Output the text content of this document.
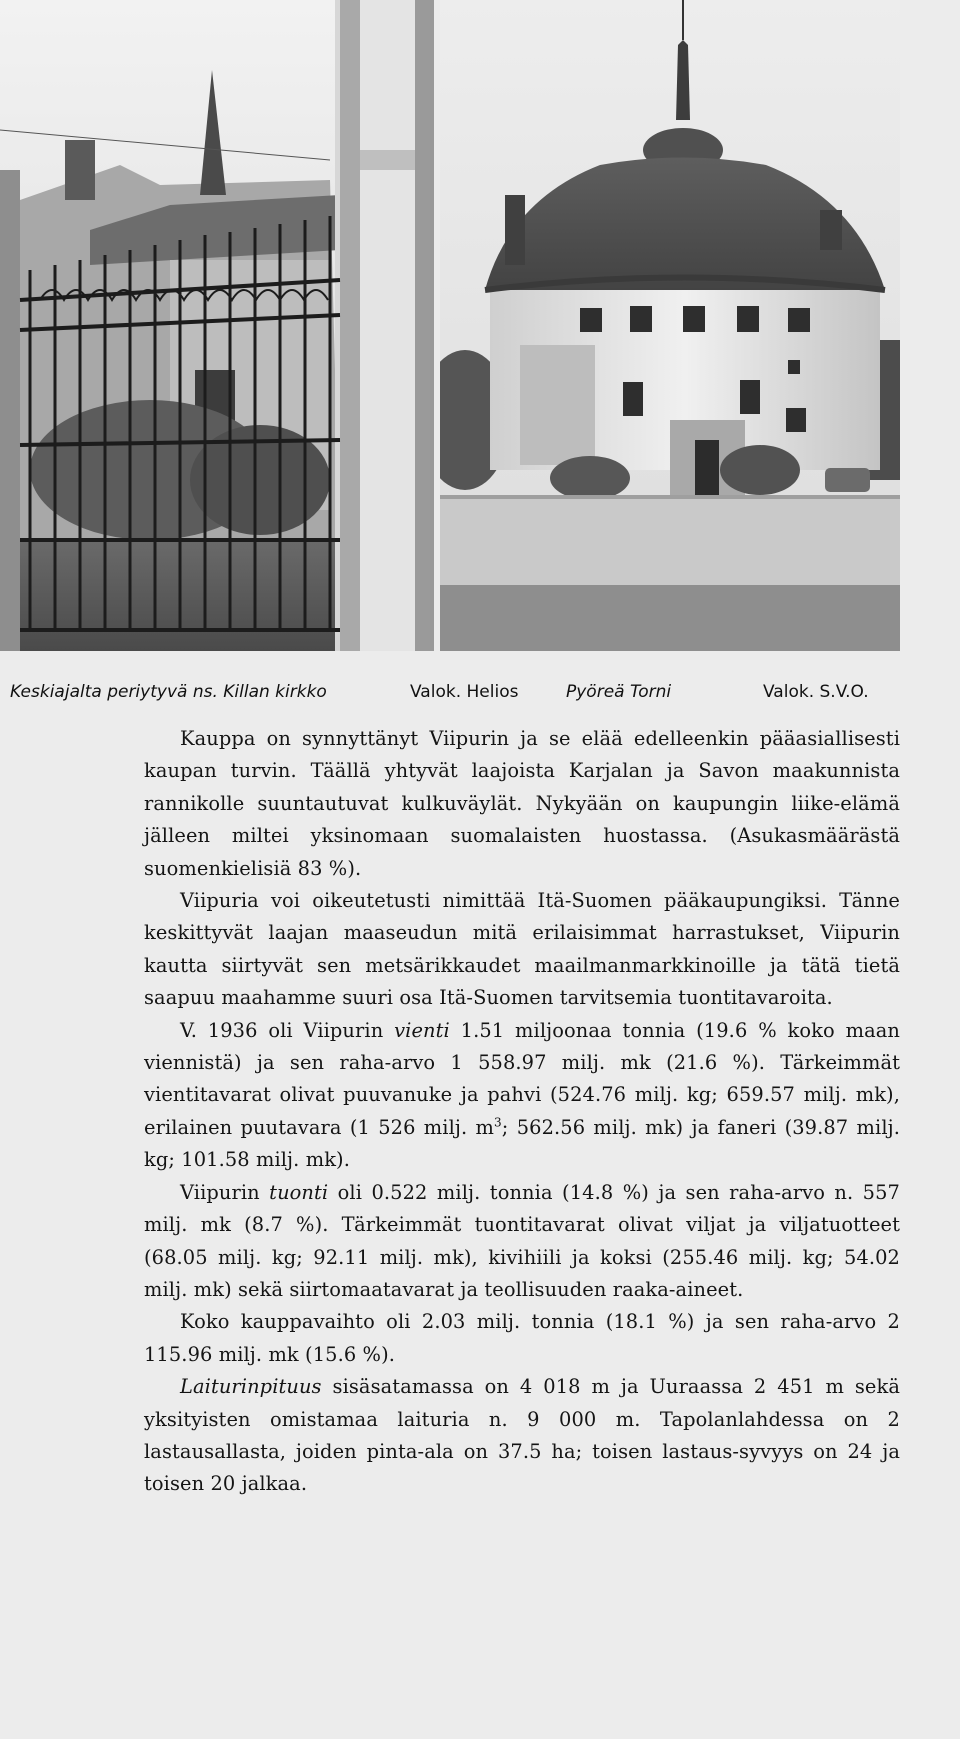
Keskiajalta periytyvä ns. Killan kirkko	Valok. Helios	Pyöreä Torni	Valok. S.V.O.

Kauppa on synnyttänyt Viipurin ja se elää edelleenkin pääasiallisesti kaupan turvin. Täällä yhtyvät laajoista Karjalan ja Savon maakunnista rannikolle suuntautuvat kulkuväylät. Nykyään on kaupungin liike-elämä jälleen miltei yksinomaan suomalaisten huostassa. (Asukasmäärästä suomenkielisiä 83 %).

Viipuria voi oikeutetusti nimittää Itä-Suomen pääkaupungiksi. Tänne keskittyvät laajan maaseudun mitä erilaisimmat harrastukset, Viipurin kautta siirtyvät sen metsärikkaudet maailmanmarkkinoille ja tätä tietä saapuu maahamme suuri osa Itä-Suomen tarvitsemia tuontitavaroita.

V. 1936 oli Viipurin vienti 1.51 miljoonaa tonnia (19.6 % koko maan viennistä) ja sen raha-arvo 1 558.97 milj. mk (21.6 %). Tärkeimmät vientitavarat olivat puuvanuke ja pahvi (524.76 milj. kg; 659.57 milj. mk), erilainen puutavara (1 526 milj. $m^3$; 562.56 milj. mk) ja faneri (39.87 milj. kg; 101.58 milj. mk).

Viipurin tuonti oli 0.522 milj. tonnia (14.8 %) ja sen raha-arvo n. 557 milj. mk (8.7 %). Tärkeimmät tuontitavarat olivat viljat ja viljatuotteet (68.05 milj. kg; 92.11 milj. mk), kivihiili ja koksi (255.46 milj. kg; 54.02 milj. mk) sekä siirtomaatavarat ja teollisuuden raaka-aineet.

Koko kauppavaihto oli 2.03 milj. tonnia (18.1 %) ja sen raha-arvo 2 115.96 milj. mk (15.6 %).

Laiturinpituus sisäsatamassa on 4 018 m ja Uuraassa 2 451 m sekä yksityisten omistamaa laituria n. 9 000 m. Tapolanlahdessa on 2 lastausallasta, joiden pinta-ala on 37.5 ha; toisen lastaus-syvyys on 24 ja toisen 20 jalkaa.
